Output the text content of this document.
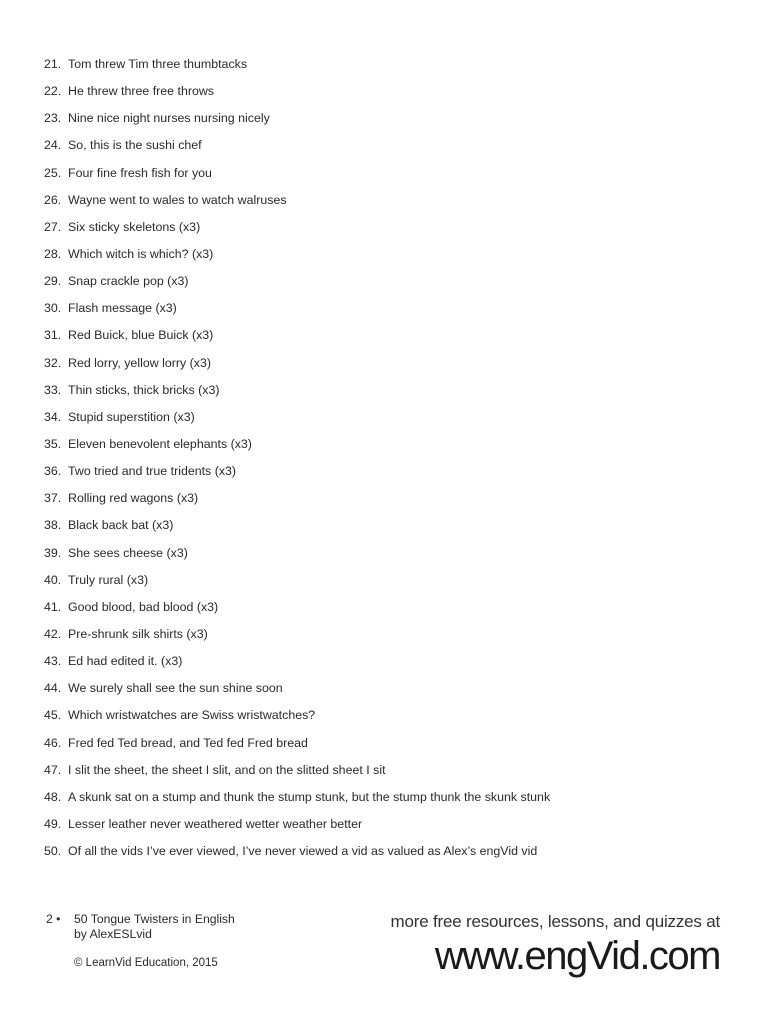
21. Tom threw Tim three thumbtacks
22. He threw three free throws
23. Nine nice night nurses nursing nicely
24. So, this is the sushi chef
25. Four fine fresh fish for you
26. Wayne went to wales to watch walruses
27. Six sticky skeletons (x3)
28. Which witch is which? (x3)
29. Snap crackle pop (x3)
30. Flash message (x3)
31. Red Buick, blue Buick (x3)
32. Red lorry, yellow lorry (x3)
33. Thin sticks, thick bricks (x3)
34. Stupid superstition (x3)
35. Eleven benevolent elephants (x3)
36. Two tried and true tridents (x3)
37. Rolling red wagons (x3)
38. Black back bat (x3)
39. She sees cheese (x3)
40. Truly rural (x3)
41. Good blood, bad blood (x3)
42. Pre-shrunk silk shirts (x3)
43. Ed had edited it. (x3)
44. We surely shall see the sun shine soon
45. Which wristwatches are Swiss wristwatches?
46. Fred fed Ted bread, and Ted fed Fred bread
47. I slit the sheet, the sheet I slit, and on the slitted sheet I sit
48. A skunk sat on a stump and thunk the stump stunk, but the stump thunk the skunk stunk
49. Lesser leather never weathered wetter weather better
50. Of all the vids I’ve ever viewed, I’ve never viewed a vid as valued as Alex’s engVid vid
2 • 50 Tongue Twisters in English
by AlexESLvid
© LearnVid Education, 2015
more free resources, lessons, and quizzes at
www.engVid.com
